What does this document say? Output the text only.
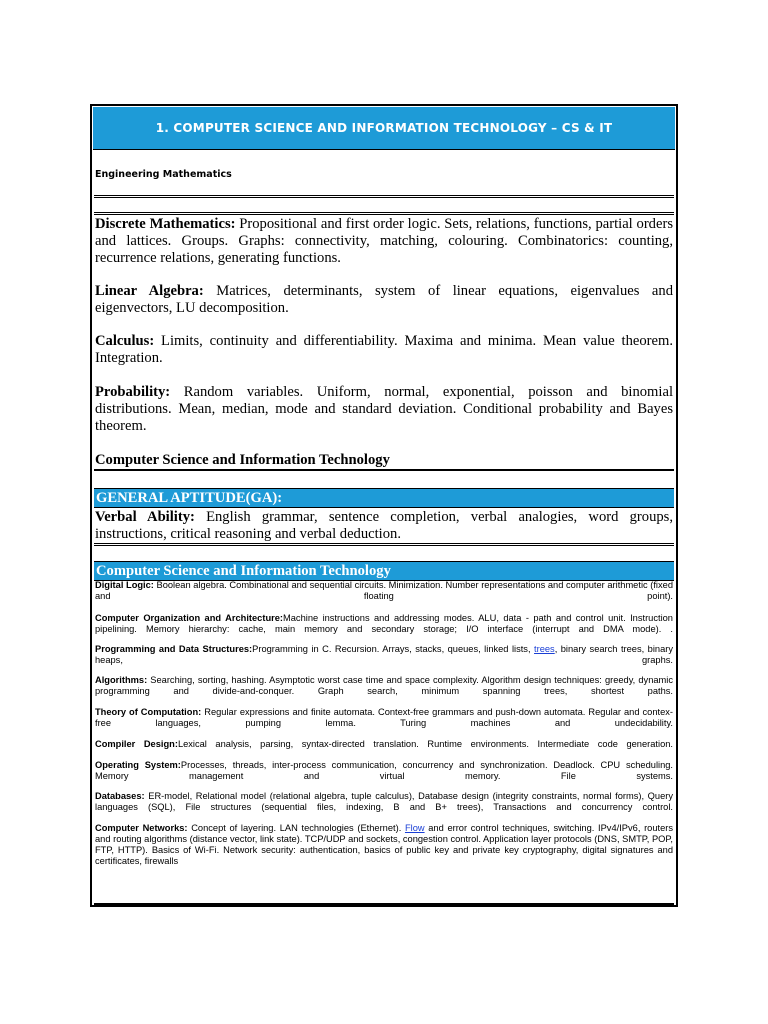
1. COMPUTER SCIENCE AND INFORMATION TECHNOLOGY – CS & IT
Engineering Mathematics
Discrete Mathematics: Propositional and first order logic. Sets, relations, functions, partial orders and lattices. Groups. Graphs: connectivity, matching, colouring. Combinatorics: counting, recurrence relations, generating functions.
Linear Algebra: Matrices, determinants, system of linear equations, eigenvalues and eigenvectors, LU decomposition.
Calculus: Limits, continuity and differentiability. Maxima and minima. Mean value theorem. Integration.
Probability: Random variables. Uniform, normal, exponential, poisson and binomial distributions. Mean, median, mode and standard deviation. Conditional probability and Bayes theorem.
Computer Science and Information Technology
GENERAL APTITUDE(GA):
Verbal Ability: English grammar, sentence completion, verbal analogies, word groups, instructions, critical reasoning and verbal deduction.
Computer Science and Information Technology
Digital Logic: Boolean algebra. Combinational and sequential circuits. Minimization. Number representations and computer arithmetic (fixed and floating point).
Computer Organization and Architecture:Machine instructions and addressing modes. ALU, data - path and control unit. Instruction pipelining. Memory hierarchy: cache, main memory and secondary storage; I/O interface (interrupt and DMA mode). .
Programming and Data Structures:Programming in C. Recursion. Arrays, stacks, queues, linked lists, trees, binary search trees, binary heaps, graphs.
Algorithms: Searching, sorting, hashing. Asymptotic worst case time and space complexity. Algorithm design techniques: greedy, dynamic programming and divide-and-conquer. Graph search, minimum spanning trees, shortest paths.
Theory of Computation: Regular expressions and finite automata. Context-free grammars and push-down automata. Regular and contex-free languages, pumping lemma. Turing machines and undecidability.
Compiler Design:Lexical analysis, parsing, syntax-directed translation. Runtime environments. Intermediate code generation.
Operating System:Processes, threads, inter-process communication, concurrency and synchronization. Deadlock. CPU scheduling. Memory management and virtual memory. File systems.
Databases: ER-model, Relational model (relational algebra, tuple calculus), Database design (integrity constraints, normal forms), Query languages (SQL), File structures (sequential files, indexing, B and B+ trees), Transactions and concurrency control.
Computer Networks: Concept of layering. LAN technologies (Ethernet). Flow and error control techniques, switching. IPv4/IPv6, routers and routing algorithms (distance vector, link state). TCP/UDP and sockets, congestion control. Application layer protocols (DNS, SMTP, POP, FTP, HTTP). Basics of Wi-Fi. Network security: authentication, basics of public key and private key cryptography, digital signatures and certificates, firewalls
